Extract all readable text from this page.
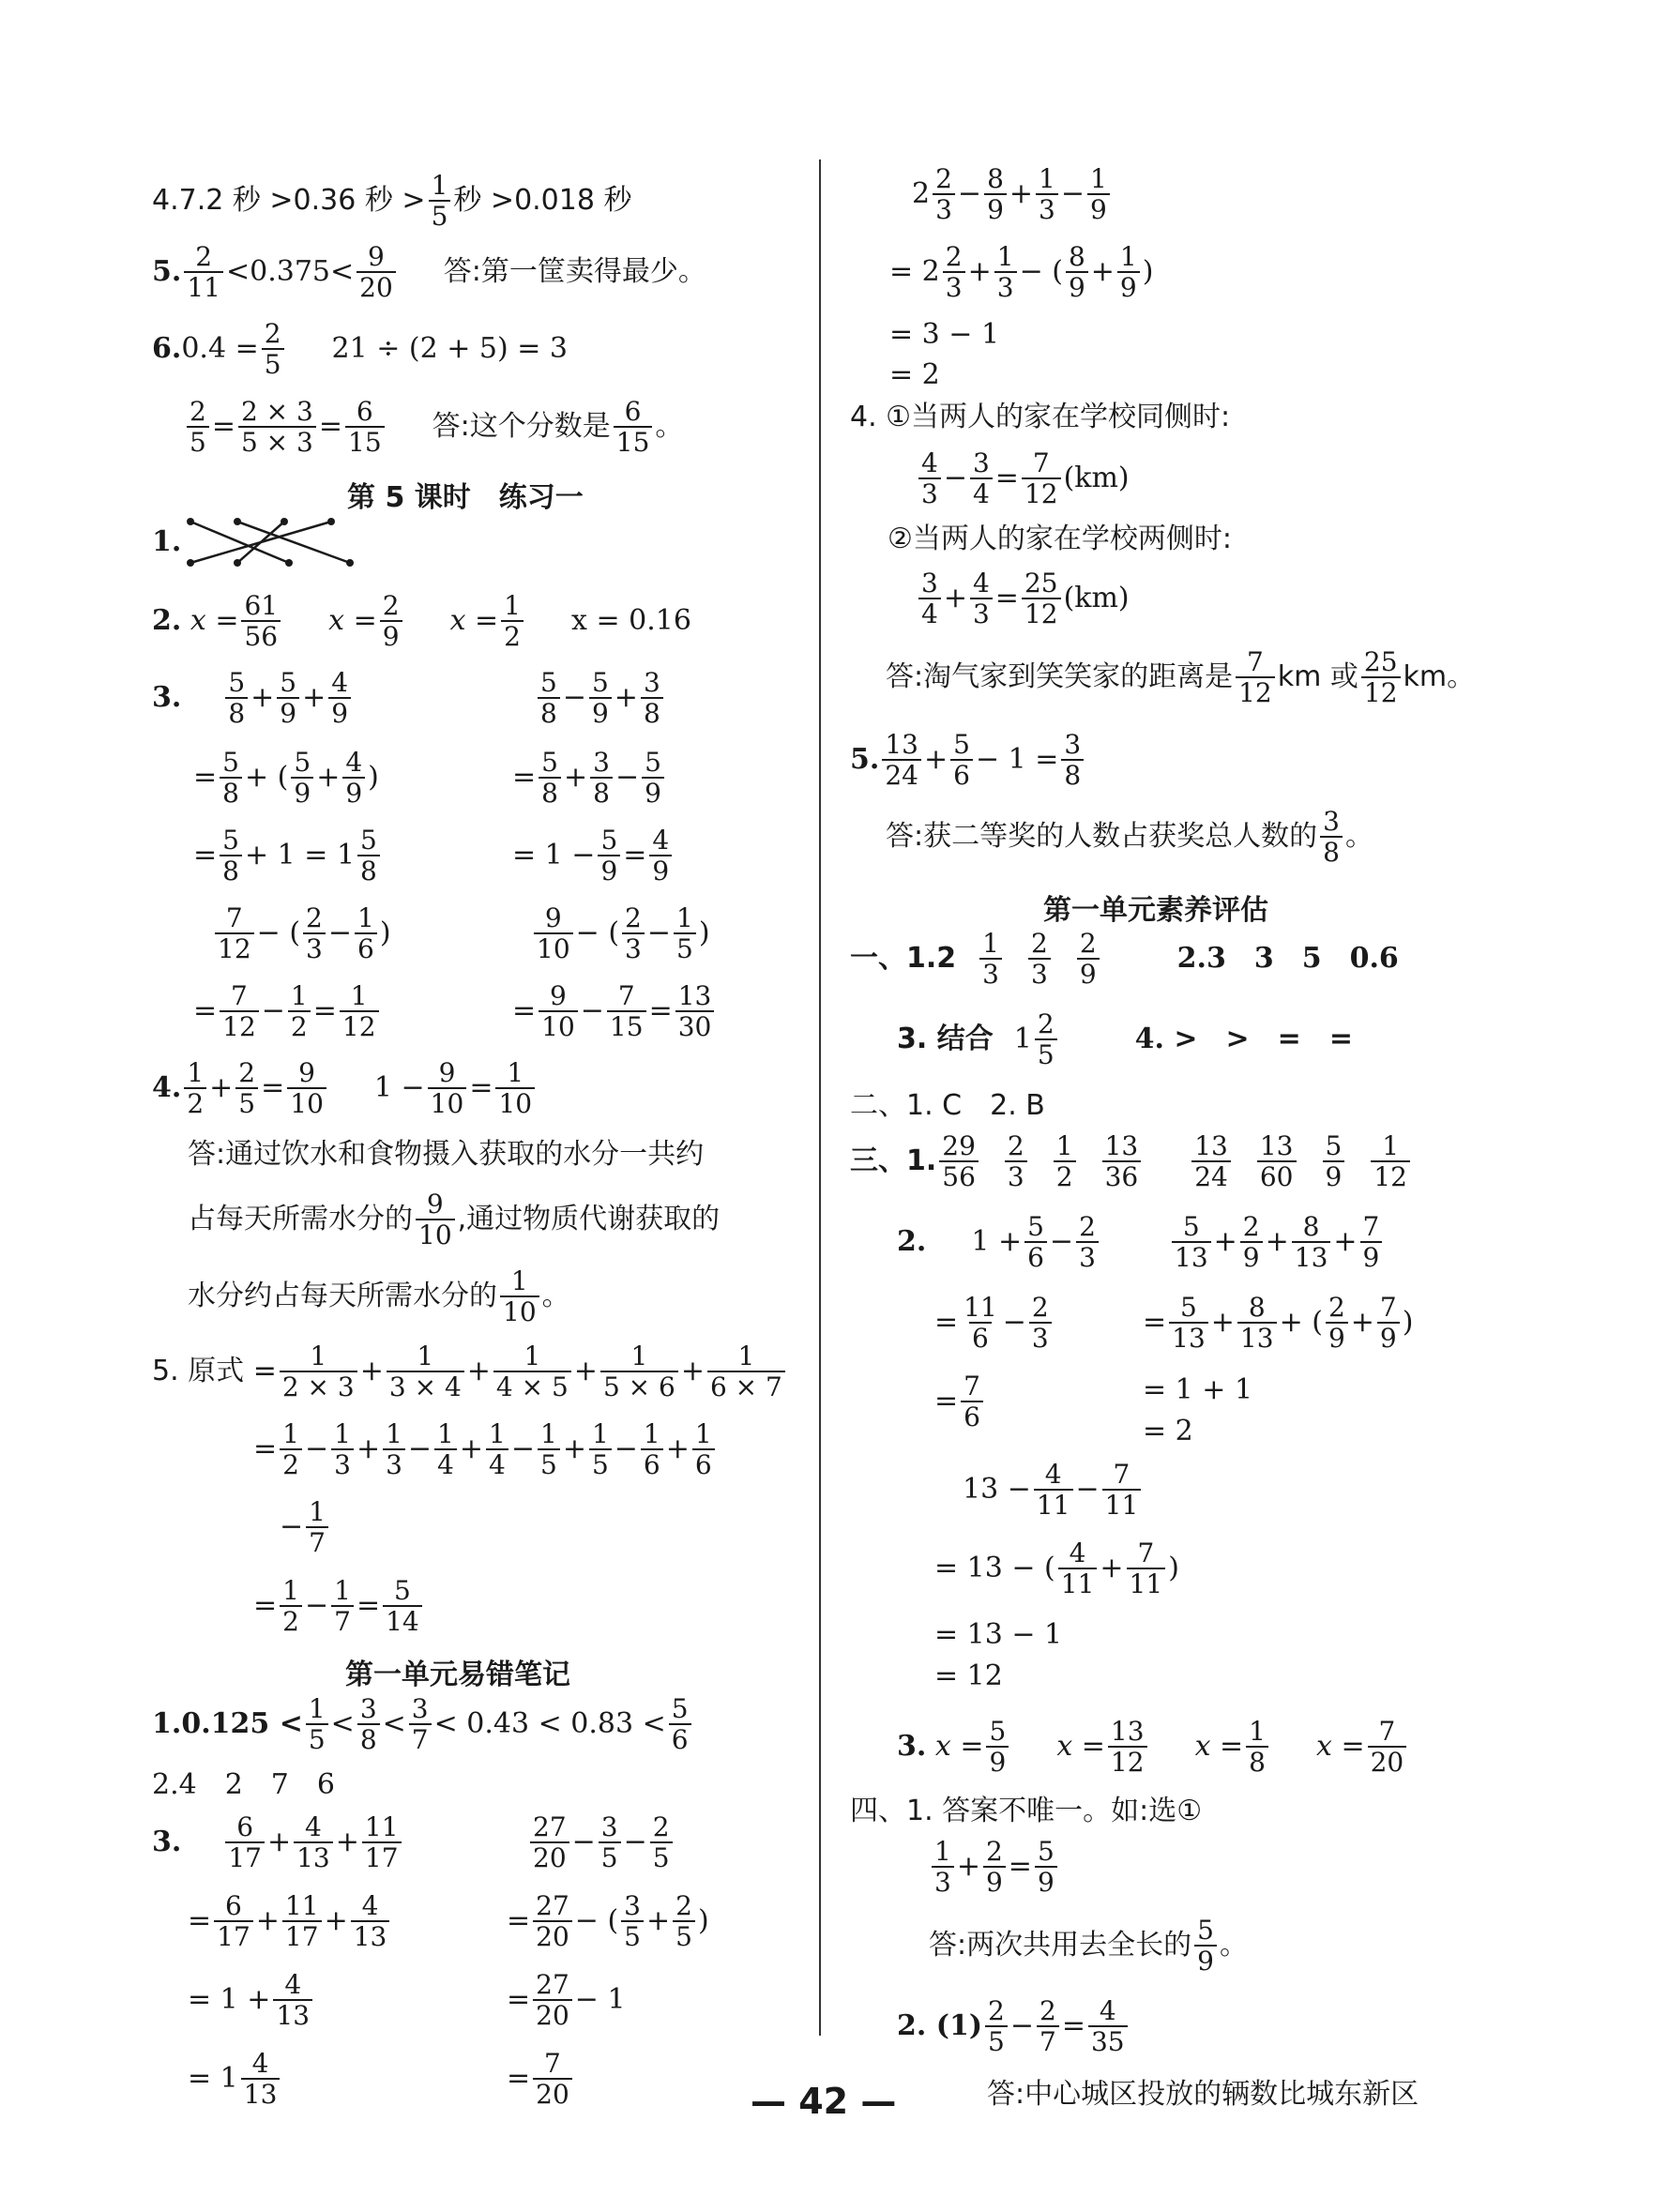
4.7.2 秒 >0.36 秒 > $\frac{1}{5}$ 秒 >0.018 秒
5. $\frac{2}{11} <0.375< \frac{9}{20}$ 答:第一筐卖得最少。
6. $0.4 = \frac{2}{5} 21 \div (2 + 5) = 3$
$\frac{2}{5} = \frac{2 \times 3}{5 \times 3} = \frac{6}{15}$ 答:这个分数是 $\frac{6}{15}$ 。
第 5 课时　练习一
1.
2.
$x = \frac{61}{56}$ $x = \frac{2}{9}$ $x = \frac{1}{2}$ x = 0.16
3. $\frac{5}{8} + \frac{5}{9} + \frac{4}{9}$	$\frac{5}{8} - \frac{5}{9} + \frac{3}{8}$
= $\frac{5}{8}$ + ( $\frac{5}{9} + \frac{4}{9}$ )	= $\frac{5}{8} + \frac{3}{8} - \frac{5}{9}$
= $\frac{5}{8} + 1 = 1 \frac{5}{8}$	= $1 - \frac{5}{9} = \frac{4}{9}$
$\frac{7}{12}$ − ( $\frac{2}{3} - \frac{1}{6}$ )	$\frac{9}{10}$ − ( $\frac{2}{3} - \frac{1}{5}$ )
= $\frac{7}{12} - \frac{1}{2} = \frac{1}{12}$	= $\frac{9}{10} - \frac{7}{15} = \frac{13}{30}$
4. $\frac{1}{2} + \frac{2}{5} = \frac{9}{10} 1 - \frac{9}{10} = \frac{1}{10}$
答:通过饮水和食物摄入获取的水分一共约
占每天所需水分的 $\frac{9}{10}$ ,通过物质代谢获取的
水分约占每天所需水分的 $\frac{1}{10}$ 。
5. 原式 = $\frac{1}{2 \times 3} + \frac{1}{3 \times 4} + \frac{1}{4 \times 5} + \frac{1}{5 \times 6} + \frac{1}{6 \times 7}$
= $\frac{1}{2} - \frac{1}{3} + \frac{1}{3} - \frac{1}{4} + \frac{1}{4} - \frac{1}{5} + \frac{1}{5} - \frac{1}{6} + \frac{1}{6}$
− $\frac{1}{7}$
= $\frac{1}{2} - \frac{1}{7} = \frac{5}{14}$
第一单元易错笔记
$1.0.125 < \frac{1}{5} < \frac{3}{8} < \frac{3}{7} < 0.43 < 0.83 < \frac{5}{6}$
2.4　2　7　6
3. $\frac{6}{17} + \frac{4}{13} + \frac{11}{17}$	$\frac{27}{20} - \frac{3}{5} - \frac{2}{5}$
= $\frac{6}{17} + \frac{11}{17} + \frac{4}{13}$	= $\frac{27}{20}$ − ( $\frac{3}{5} + \frac{2}{5}$ )
= $1 + \frac{4}{13}$	= $\frac{27}{20} - 1$
= $1 \frac{4}{13}$	= $\frac{7}{20}$
$2 \frac{2}{3} - \frac{8}{9} + \frac{1}{3} - \frac{1}{9}$
= $2 \frac{2}{3} + \frac{1}{3}$ − ( $\frac{8}{9} + \frac{1}{9}$ )
= 3 − 1
= 2
4. ①当两人的家在学校同侧时:
$\frac{4}{3} - \frac{3}{4} = \frac{7}{12} (km)$
②当两人的家在学校两侧时:
$\frac{3}{4} + \frac{4}{3} = \frac{25}{12} (km)$
答:淘气家到笑笑家的距离是 $\frac{7}{12}$ km 或 $\frac{25}{12}$ km。
5. $\frac{13}{24} + \frac{5}{6} - 1 = \frac{3}{8}$
答:获二等奖的人数占获奖总人数的 $\frac{3}{8}$ 。
第一单元素养评估
一、$1.2 \frac{1}{3} \frac{2}{3} \frac{2}{9}$	2.3　3　5　0.6
3. 结合 $1 \frac{2}{5}$	4. >　>　=　=
二、1. C　2. B
三、1. $\frac{29}{56} \frac{2}{3} \frac{1}{2} \frac{13}{36} \frac{13}{24} \frac{13}{60} \frac{5}{9} \frac{1}{12}$
2. $1 + \frac{5}{6} - \frac{2}{3}$	$\frac{5}{13} + \frac{2}{9} + \frac{8}{13} + \frac{7}{9}$
= $\frac{11}{6} - \frac{2}{3}$	= $\frac{5}{13} + \frac{8}{13}$ + ( $\frac{2}{9} + \frac{7}{9}$ )
= $\frac{7}{6}$	= 1 + 1
= 2
$13 - \frac{4}{11} - \frac{7}{11}$
= 13 − ( $\frac{4}{11} + \frac{7}{11}$ )
= 13 − 1
= 12
3.
$x = \frac{5}{9}$ $x = \frac{13}{12}$ $x = \frac{1}{8}$ $x = \frac{7}{20}$
四、1. 答案不唯一。如:选①
$\frac{1}{3} + \frac{2}{9} = \frac{5}{9}$
答:两次共用去全长的 $\frac{5}{9}$ 。
2. $(1) \frac{2}{5} - \frac{2}{7} = \frac{4}{35}$
答:中心城区投放的辆数比城东新区
— 42 —
